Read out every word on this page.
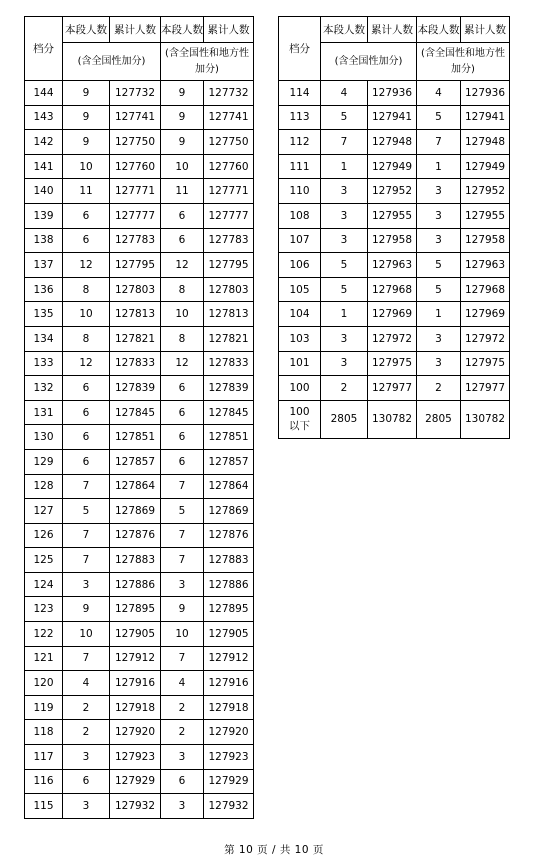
档分	本段人数	累计人数	本段人数	累计人数
	(含全国性加分)		(含全国性和地方性加分)	
144	9	127732	9	127732
143	9	127741	9	127741
142	9	127750	9	127750
141	10	127760	10	127760
140	11	127771	11	127771
139	6	127777	6	127777
138	6	127783	6	127783
137	12	127795	12	127795
136	8	127803	8	127803
135	10	127813	10	127813
134	8	127821	8	127821
133	12	127833	12	127833
132	6	127839	6	127839
131	6	127845	6	127845
130	6	127851	6	127851
129	6	127857	6	127857
128	7	127864	7	127864
127	5	127869	5	127869
126	7	127876	7	127876
125	7	127883	7	127883
124	3	127886	3	127886
123	9	127895	9	127895
122	10	127905	10	127905
121	7	127912	7	127912
120	4	127916	4	127916
119	2	127918	2	127918
118	2	127920	2	127920
117	3	127923	3	127923
116	6	127929	6	127929
115	3	127932	3	127932
档分	本段人数	累计人数	本段人数	累计人数
	(含全国性加分)		(含全国性和地方性加分)	
114	4	127936	4	127936
113	5	127941	5	127941
112	7	127948	7	127948
111	1	127949	1	127949
110	3	127952	3	127952
108	3	127955	3	127955
107	3	127958	3	127958
106	5	127963	5	127963
105	5	127968	5	127968
104	1	127969	1	127969
103	3	127972	3	127972
101	3	127975	3	127975
100	2	127977	2	127977

100
以下	2805	130782	2805	130782
第 10 页 / 共 10 页
